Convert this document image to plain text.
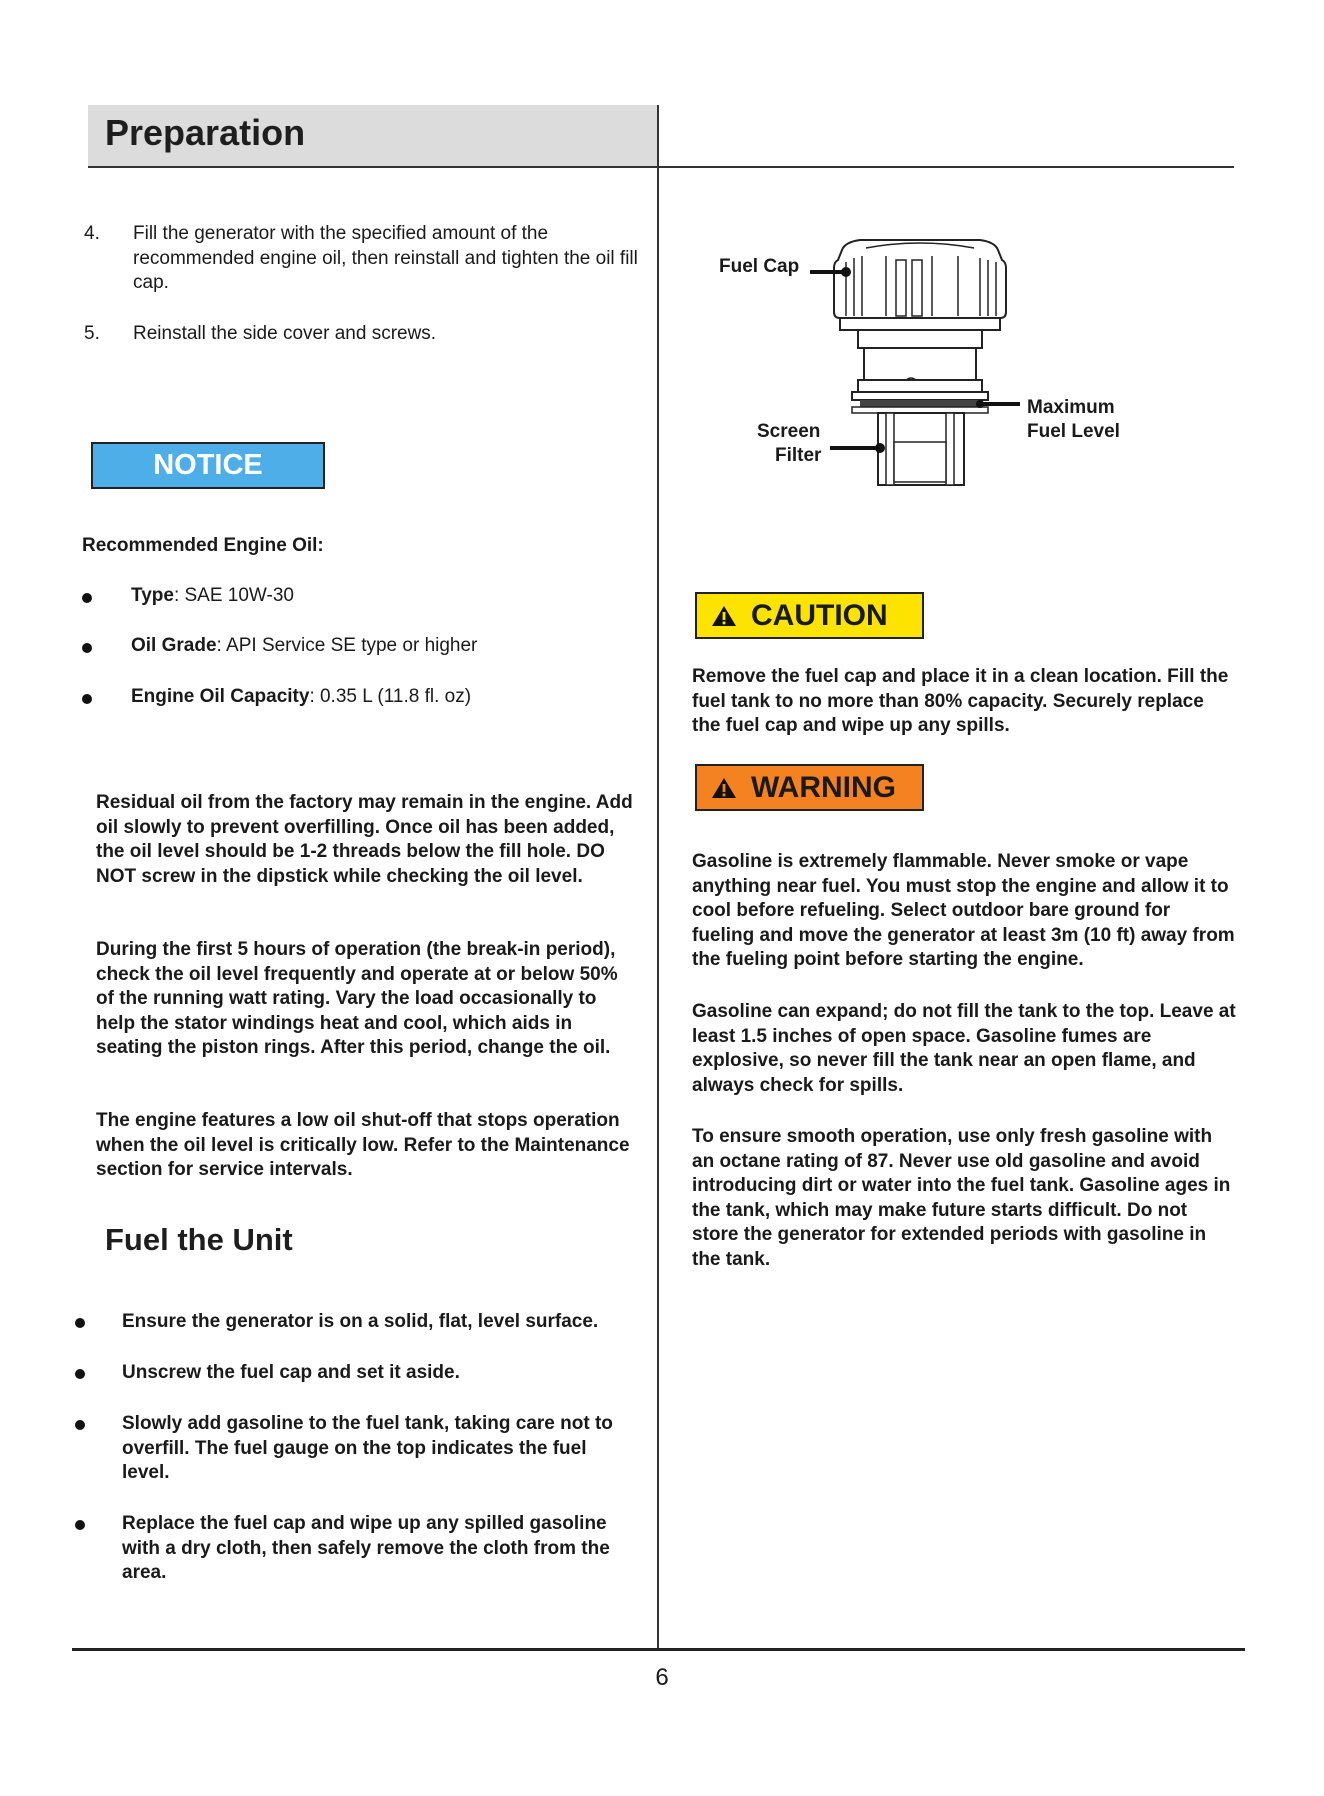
Preparation
4.	Fill the generator with the specified amount of the recommended engine oil, then reinstall and tighten the oil fill cap.
5.	Reinstall the side cover and screws.
NOTICE
Recommended Engine Oil:
Type: SAE 10W-30
Oil Grade: API Service SE type or higher
Engine Oil Capacity: 0.35 L (11.8 fl. oz)
Residual oil from the factory may remain in the engine. Add oil slowly to prevent overfilling. Once oil has been added, the oil level should be 1-2 threads below the fill hole. DO NOT screw in the dipstick while checking the oil level.
During the first 5 hours of operation (the break-in period), check the oil level frequently and operate at or below 50% of the running watt rating. Vary the load occasionally to help the stator windings heat and cool, which aids in seating the piston rings. After this period, change the oil.
The engine features a low oil shut-off that stops operation when the oil level is critically low. Refer to the Maintenance section for service intervals.
Fuel the Unit
Ensure the generator is on a solid, flat, level surface.
Unscrew the fuel cap and set it aside.
Slowly add gasoline to the fuel tank, taking care not to overfill. The fuel gauge on the top indicates the fuel level.
Replace the fuel cap and wipe up any spilled gasoline with a dry cloth, then safely remove the cloth from the area.
Fuel Cap
Screen
Filter
Maximum
Fuel Level
CAUTION
Remove the fuel cap and place it in a clean location. Fill the fuel tank to no more than 80% capacity. Securely replace the fuel cap and wipe up any spills.
WARNING
Gasoline is extremely flammable. Never smoke or vape anything near fuel. You must stop the engine and allow it to cool before refueling. Select outdoor bare ground for fueling and move the generator at least 3m (10 ft) away from the fueling point before starting the engine.
Gasoline can expand; do not fill the tank to the top. Leave at least 1.5 inches of open space. Gasoline fumes are explosive, so never fill the tank near an open flame, and always check for spills.
To ensure smooth operation, use only fresh gasoline with an octane rating of 87. Never use old gasoline and avoid introducing dirt or water into the fuel tank. Gasoline ages in the tank, which may make future starts difficult. Do not store the generator for extended periods with gasoline in the tank.
6
